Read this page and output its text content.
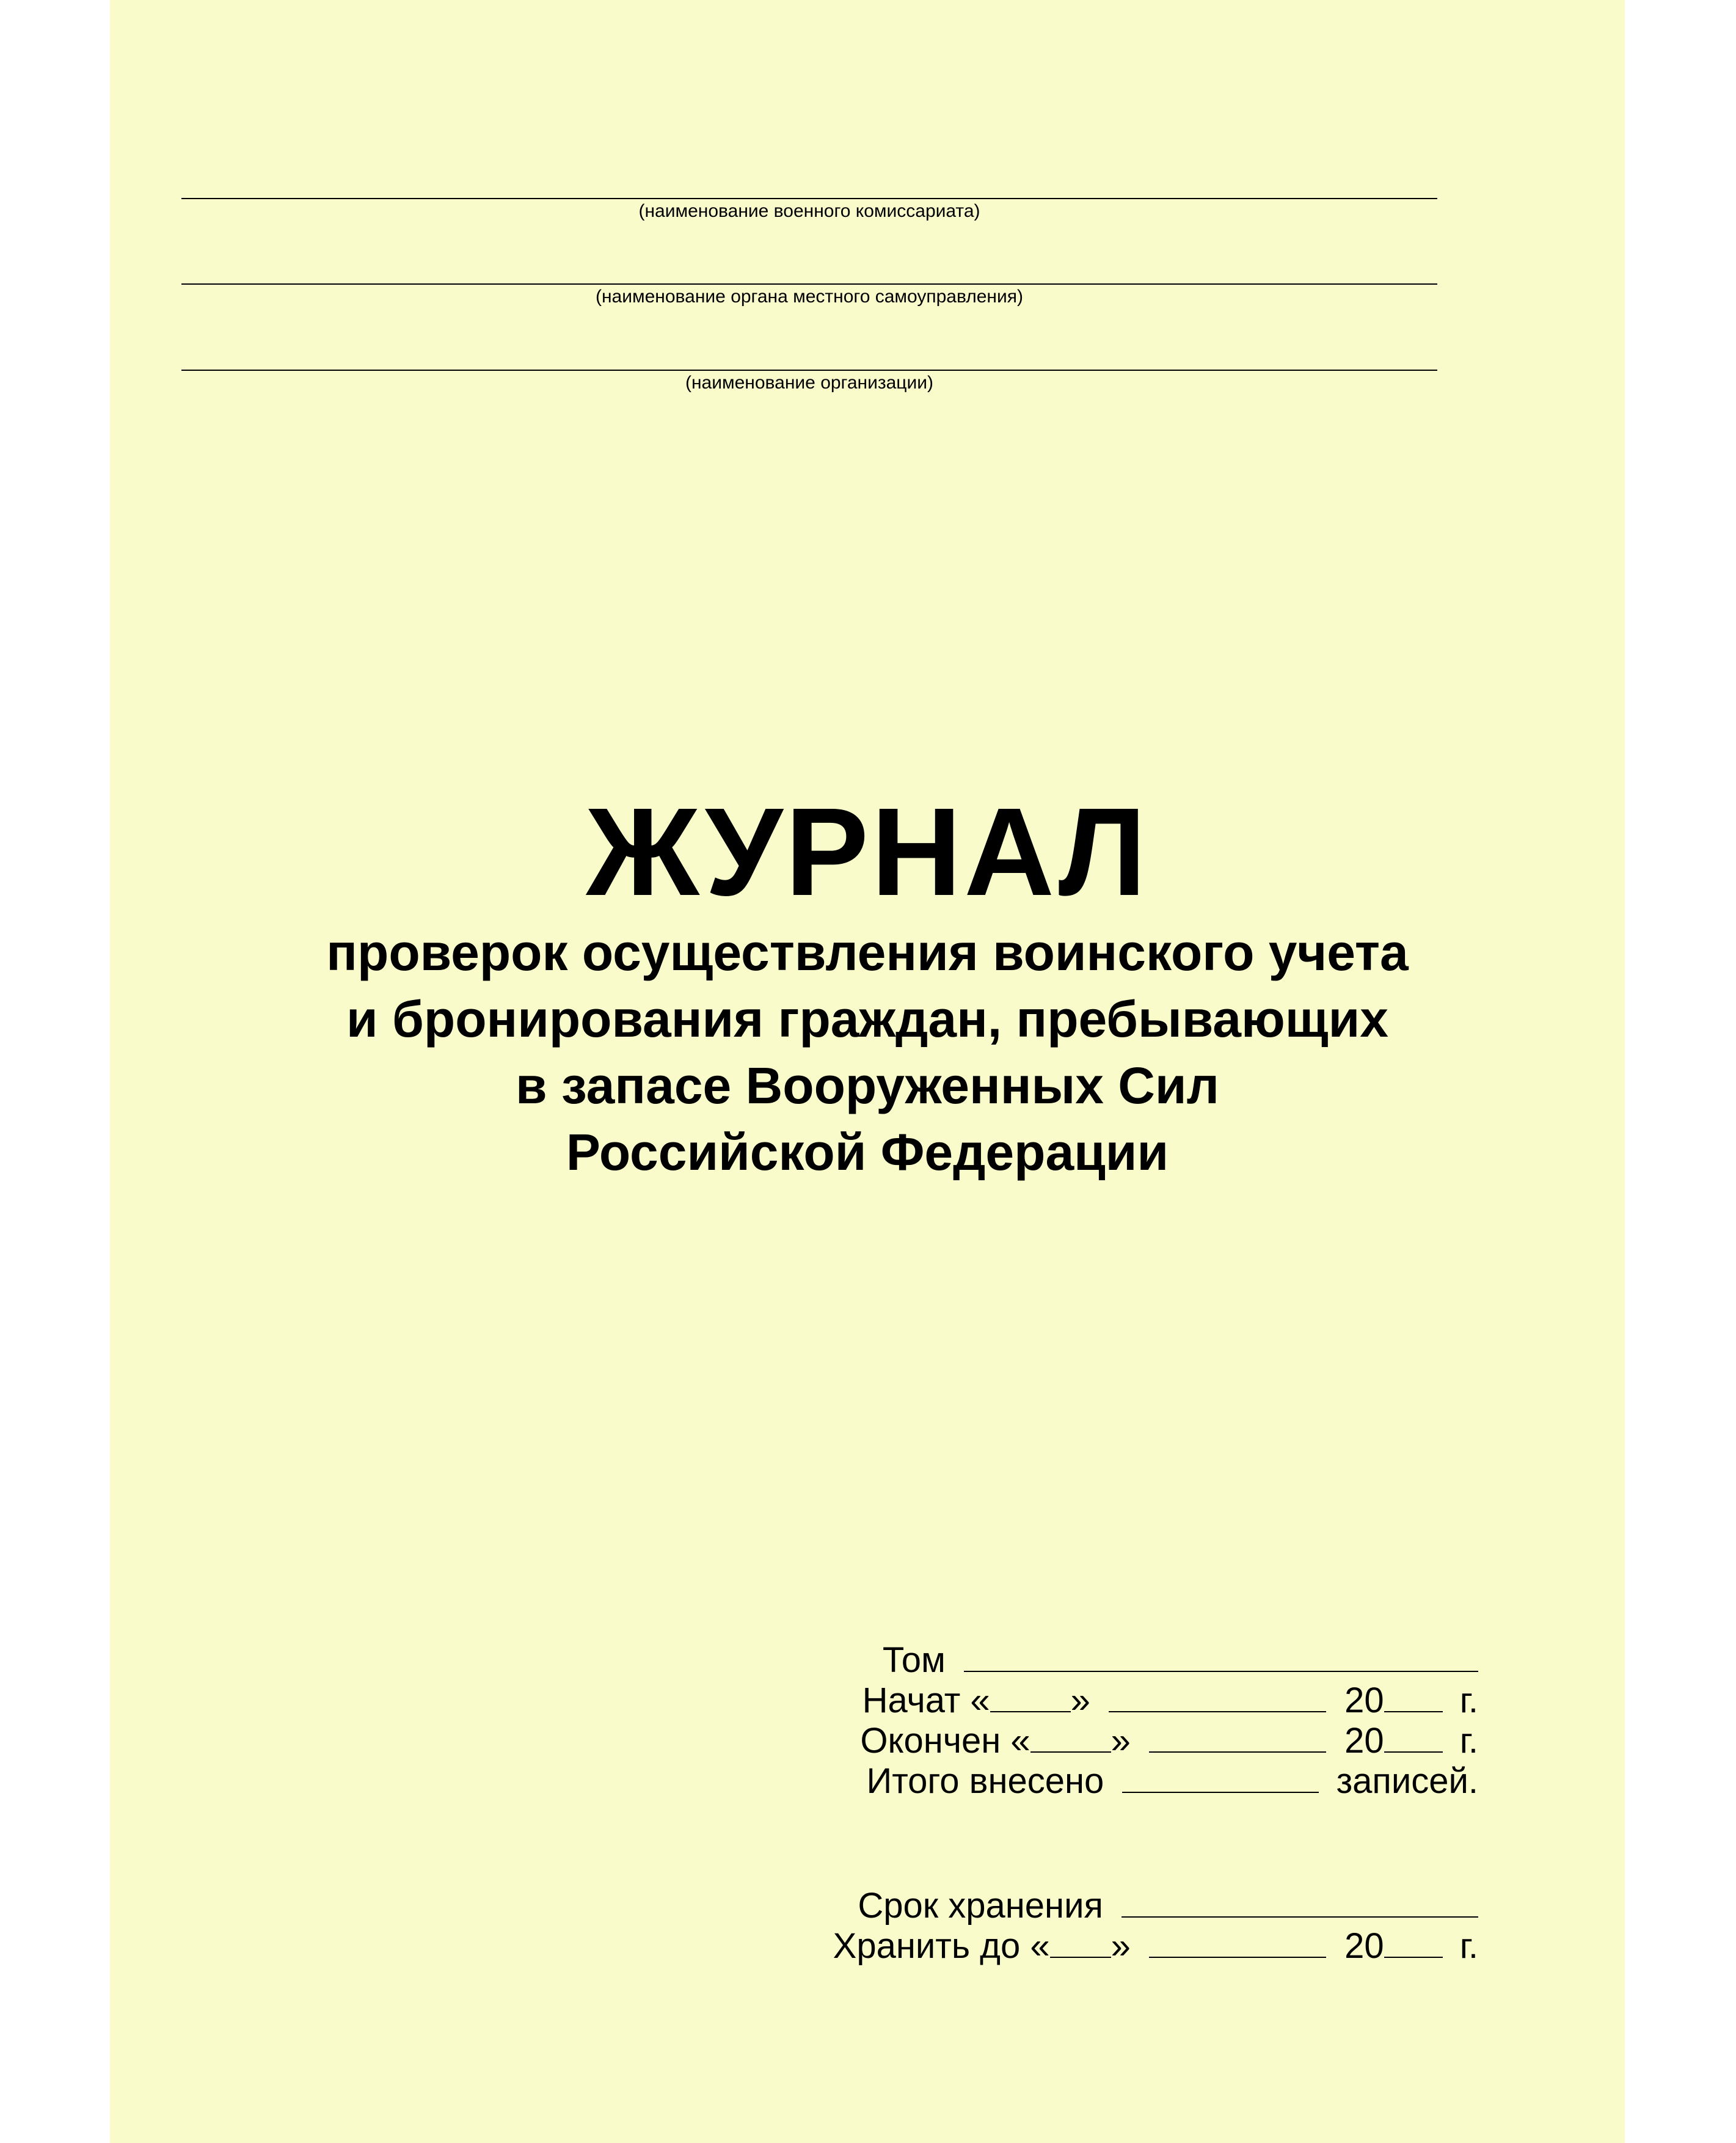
(наименование военного комиссариата)
(наименование органа местного самоуправления)
(наименование организации)
ЖУРНАЛ
проверок осуществления воинского учета
и бронирования граждан, пребывающих
в запасе Вооруженных Сил
Российской Федерации
Том
Начат « »	20 г.
Окончен « »	20 г.
Итого внесено	записей.
Срок хранения
Хранить до « »	20 г.
